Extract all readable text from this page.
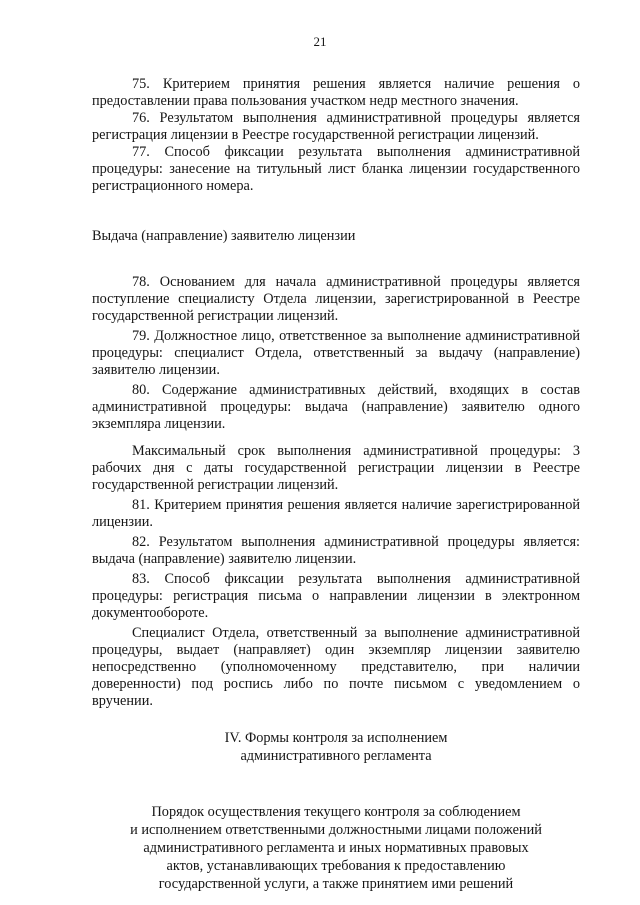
21

75. Критерием принятия решения является наличие решения о предоставлении права пользования участком недр местного значения.

76. Результатом выполнения административной процедуры является регистрация лицензии в Реестре государственной регистрации лицензий.

77. Способ фиксации результата выполнения административной процедуры: занесение на титульный лист бланка лицензии государственного регистрационного номера.

Выдача (направление) заявителю лицензии

78. Основанием для начала административной процедуры является поступление специалисту Отдела лицензии, зарегистрированной в Реестре государственной регистрации лицензий.

79. Должностное лицо, ответственное за выполнение административной процедуры: специалист Отдела, ответственный за выдачу (направление) заявителю лицензии.

80. Содержание административных действий, входящих в состав административной процедуры: выдача (направление) заявителю одного экземпляра лицензии.

Максимальный срок выполнения административной процедуры: 3 рабочих дня с даты государственной регистрации лицензии в Реестре государственной регистрации лицензий.

81. Критерием принятия решения является наличие зарегистрированной лицензии.

82. Результатом выполнения административной процедуры является: выдача (направление) заявителю лицензии.

83. Способ фиксации результата выполнения административной процедуры: регистрация письма о направлении лицензии в электронном документообороте.

Специалист Отдела, ответственный за выполнение административной процедуры, выдает (направляет) один экземпляр лицензии заявителю непосредственно (уполномоченному представителю, при наличии доверенности) под роспись либо по почте письмом с уведомлением о вручении.

IV. Формы контроля за исполнением
административного регламента
Порядок осуществления текущего контроля за соблюдением
и исполнением ответственными должностными лицами положений
административного регламента и иных нормативных правовых
актов, устанавливающих требования к предоставлению
государственной услуги, а также принятием ими решений
